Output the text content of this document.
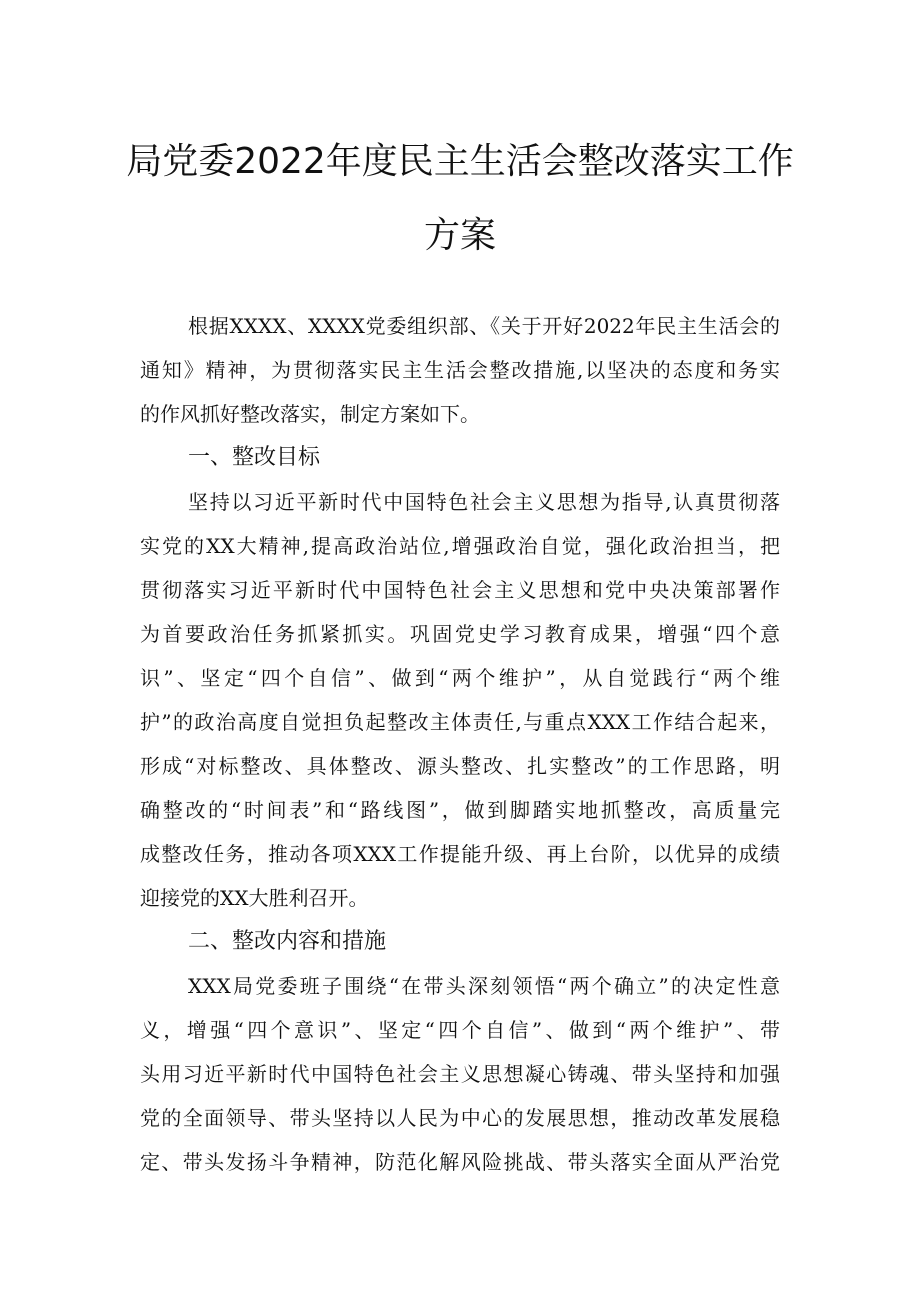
局党委2022年度民主生活会整改落实工作
方案
根据XXXX、XXXX党委组织部、《关于开好2022年民主生活会的
通知》精神，为贯彻落实民主生活会整改措施,以坚决的态度和务实
的作风抓好整改落实，制定方案如下。
一、整改目标
坚持以习近平新时代中国特色社会主义思想为指导,认真贯彻落
实党的XX大精神,提高政治站位,增强政治自觉，强化政治担当，把
贯彻落实习近平新时代中国特色社会主义思想和党中央决策部署作
为首要政治任务抓紧抓实。巩固党史学习教育成果，增强“四个意
识”、坚定“四个自信”、做到“两个维护”，从自觉践行“两个维
护”的政治高度自觉担负起整改主体责任,与重点XXX工作结合起来，
形成“对标整改、具体整改、源头整改、扎实整改”的工作思路，明
确整改的“时间表”和“路线图”，做到脚踏实地抓整改，高质量完
成整改任务，推动各项XXX工作提能升级、再上台阶，以优异的成绩
迎接党的XX大胜利召开。
二、整改内容和措施
XXX局党委班子围绕“在带头深刻领悟“两个确立”的决定性意
义，增强“四个意识”、坚定“四个自信”、做到“两个维护”、带
头用习近平新时代中国特色社会主义思想凝心铸魂、带头坚持和加强
党的全面领导、带头坚持以人民为中心的发展思想，推动改革发展稳
定、带头发扬斗争精神，防范化解风险挑战、带头落实全面从严治党
